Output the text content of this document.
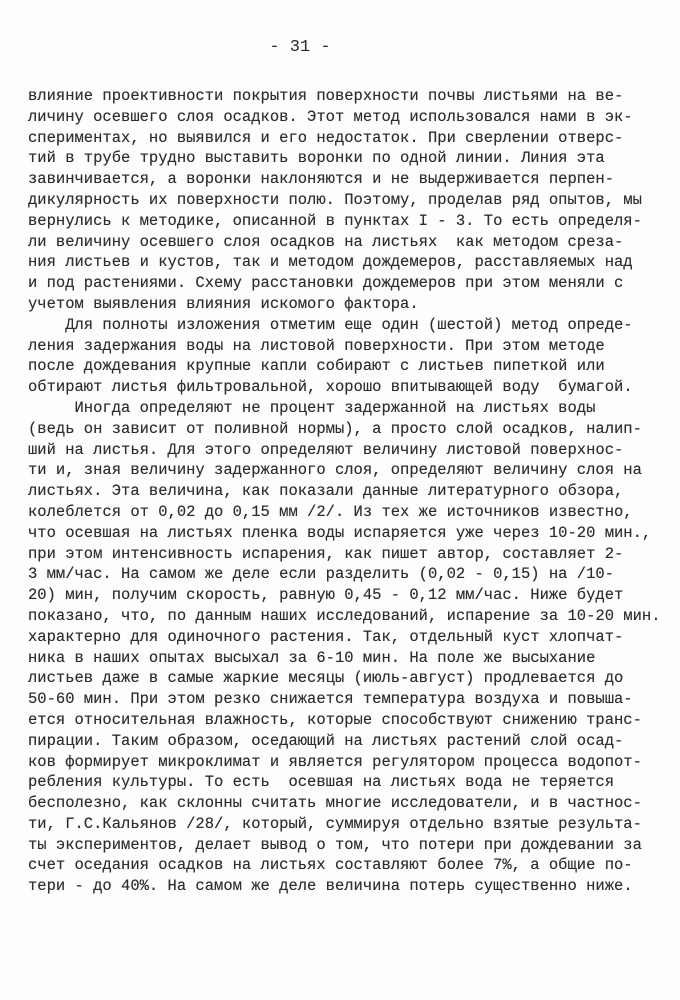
- 31 -
влияние проективности покрытия поверхности почвы листьями на ве-
личину осевшего слоя осадков. Этот метод использовался нами в эк-
спериментах, но выявился и его недостаток. При сверлении отверс-
тий в трубе трудно выставить воронки по одной линии. Линия эта
завинчивается, а воронки наклоняются и не выдерживается перпен-
дикулярность их поверхности полю. Поэтому, проделав ряд опытов, мы
вернулись к методике, описанной в пунктах I - 3. То есть определя-
ли величину осевшего слоя осадков на листьях  как методом среза-
ния листьев и кустов, так и методом дождемеров, расставляемых над
и под растениями. Схему расстановки дождемеров при этом меняли с
учетом выявления влияния искомого фактора.
Для полноты изложения отметим еще один (шестой) метод опреде-
ления задержания воды на листовой поверхности. При этом методе
после дождевания крупные капли собирают с листьев пипеткой или
обтирают листья фильтровальной, хорошо впитывающей воду  бумагой.
Иногда определяют не процент задержанной на листьях воды
(ведь он зависит от поливной нормы), а просто слой осадков, налип-
ший на листья. Для этого определяют величину листовой поверхнос-
ти и, зная величину задержанного слоя, определяют величину слоя на
листьях. Эта величина, как показали данные литературного обзора,
колеблется от 0,02 до 0,15 мм /2/. Из тех же источников известно,
что осевшая на листьях пленка воды испаряется уже через 10-20 мин.,
при этом интенсивность испарения, как пишет автор, составляет 2-
3 мм/час. На самом же деле если разделить (0,02 - 0,15) на /10-
20) мин, получим скорость, равную 0,45 - 0,12 мм/час. Ниже будет
показано, что, по данным наших исследований, испарение за 10-20 мин.
характерно для одиночного растения. Так, отдельный куст хлопчат-
ника в наших опытах высыхал за 6-10 мин. На поле же высыхание
листьев даже в самые жаркие месяцы (июль-август) продлевается до
50-60 мин. При этом резко снижается температура воздуха и повыша-
ется относительная влажность, которые способствуют снижению транс-
пирации. Таким образом, оседающий на листьях растений слой осад-
ков формирует микроклимат и является регулятором процесса водопот-
ребления культуры. То есть  осевшая на листьях вода не теряется
бесполезно, как склонны считать многие исследователи, и в частнос-
ти, Г.С.Кальянов /28/, который, суммируя отдельно взятые результа-
ты экспериментов, делает вывод о том, что потери при дождевании за
счет оседания осадков на листьях составляют более 7%, а общие по-
тери - до 40%. На самом же деле величина потерь существенно ниже.
